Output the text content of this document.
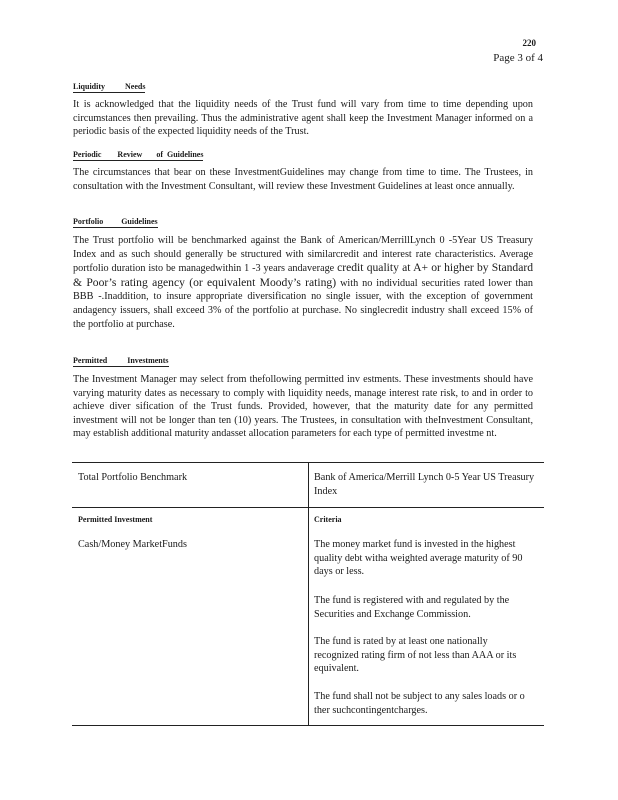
220
Page 3 of 4
Liquidity          Needs
It is acknowledged that the liquidity needs of the Trust fund will vary from time to time depending upon circumstances then prevailing. Thus the administrative agent shall keep the Investment Manager informed on a periodic basis of the expected liquidity needs of the Trust.
Periodic        Review       of  Guidelines
The circumstances that bear on these InvestmentGuidelines may change from time to time. The Trustees, in consultation with the Investment Consultant, will review these Investment Guidelines at least once annually.
Portfolio         Guidelines
The Trust portfolio will be benchmarked against the Bank of American/MerrillLynch 0 -5Year US Treasury Index and as such should generally be structured with similarcredit and interest rate characteristics. Average portfolio duration isto be managedwithin 1 -3 years andaverage credit quality at A+ or higher by Standard & Poor’s rating agency (or equivalent Moody’s rating) with no individual securities rated lower than BBB -.Inaddition, to insure appropriate diversification no single issuer, with the exception of government andagency issuers, shall exceed 3% of the portfolio at purchase. No singlecredit industry shall exceed 15% of the portfolio at purchase.
Permitted          Investments
The Investment Manager may select from thefollowing permitted inv estments. These investments should have varying maturity dates as necessary to comply with liquidity needs, manage interest rate risk, to and in order to achieve diver sification of the Trust funds. Provided, however, that the maturity date for any permitted investment will not be longer than ten (10) years. The Trustees, in consultation with theInvestment Consultant, may establish additional maturity andasset allocation parameters for each type of permitted investme nt.
Total Portfolio Benchmark	Bank of America/Merrill Lynch 0-5 Year US Treasury Index
Permitted Investment	Criteria
Cash/Money MarketFunds	The money market fund is invested in the highest quality debt witha weighted average maturity of 90 days or less.
The fund is registered with and regulated by the Securities and Exchange Commission.
The fund is rated by at least one nationally recognized rating firm of not less than AAA or its equivalent.
The fund shall not be subject to any sales loads or o ther suchcontingentcharges.
